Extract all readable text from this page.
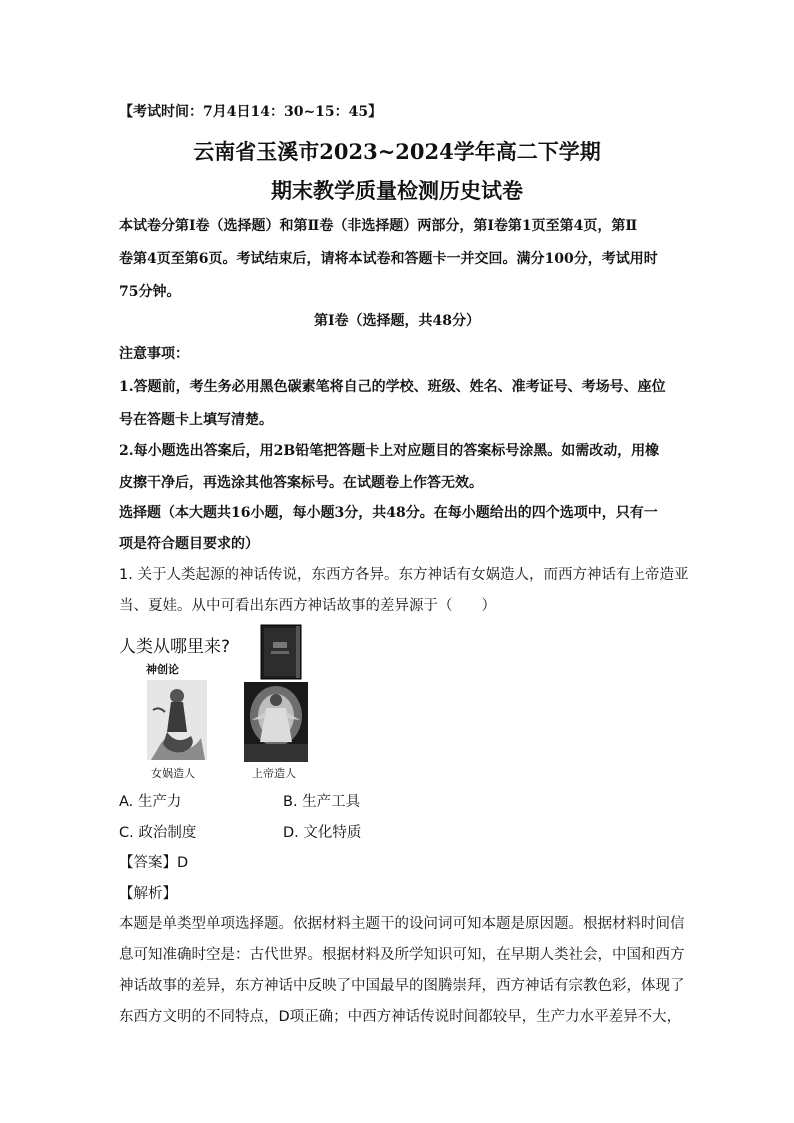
【考试时间：7月4日14：30~15：45】
云南省玉溪市2023~2024学年高二下学期
期末教学质量检测历史试卷
本试卷分第Ⅰ卷（选择题）和第Ⅱ卷（非选择题）两部分，第Ⅰ卷第1页至第4页，第Ⅱ
卷第4页至第6页。考试结束后，请将本试卷和答题卡一并交回。满分100分，考试用时
75分钟。
第Ⅰ卷（选择题，共48分）
注意事项：
1.答题前，考生务必用黑色碳素笔将自己的学校、班级、姓名、准考证号、考场号、座位
号在答题卡上填写清楚。
2.每小题选出答案后，用2B铅笔把答题卡上对应题目的答案标号涂黑。如需改动，用橡
皮擦干净后，再选涂其他答案标号。在试题卷上作答无效。
选择题（本大题共16小题，每小题3分，共48分。在每小题给出的四个选项中，只有一
项是符合题目要求的）
1. 关于人类起源的神话传说，东西方各异。东方神话有女娲造人，而西方神话有上帝造亚
当、夏娃。从中可看出东西方神话故事的差异源于（　　）
人类从哪里来?
神创论
女娲造人	上帝造人
A. 生产力	B. 生产工具
C. 政治制度	D. 文化特质
【答案】D
【解析】
本题是单类型单项选择题。依据材料主题干的设问词可知本题是原因题。根据材料时间信
息可知准确时空是：古代世界。根据材料及所学知识可知，在早期人类社会，中国和西方
神话故事的差异，东方神话中反映了中国最早的图腾崇拜，西方神话有宗教色彩，体现了
东西方文明的不同特点，D项正确；中西方神话传说时间都较早，生产力水平差异不大，
